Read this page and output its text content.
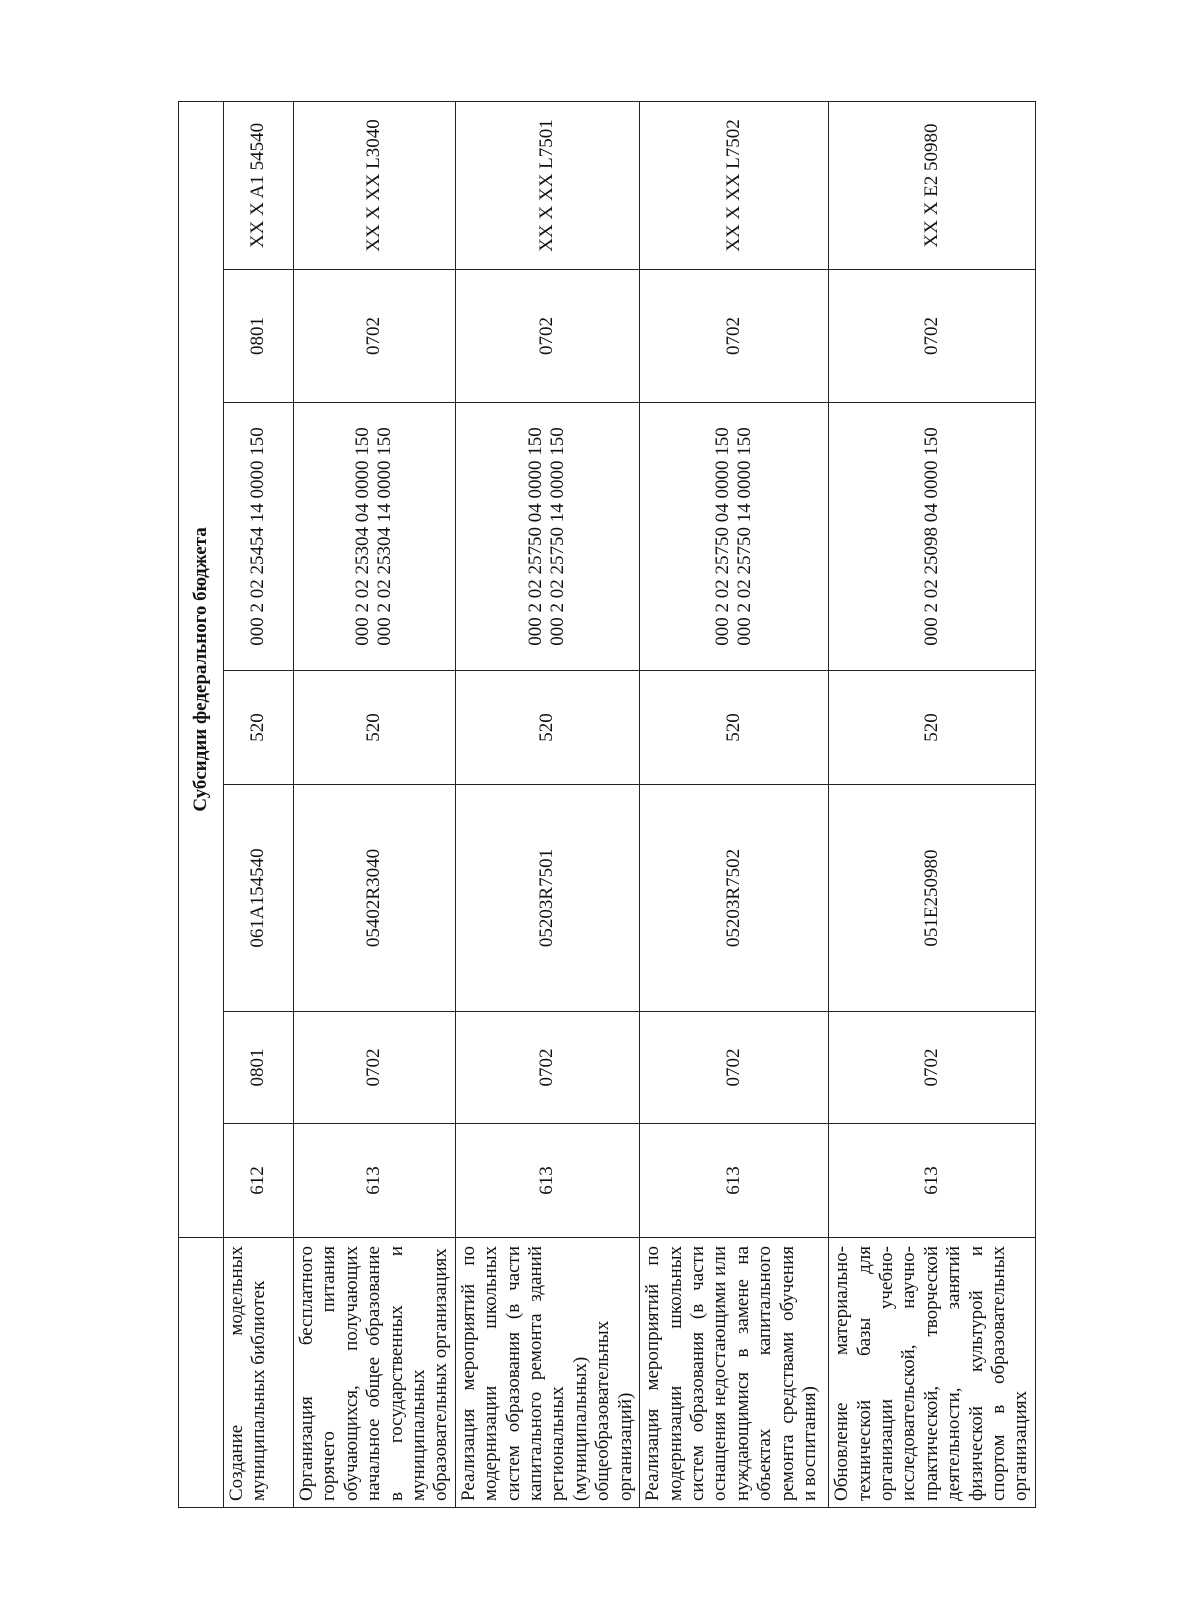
	Субсидии федерального бюджета						
Создание модельных муниципальных библиотек	612	0801	061A154540	520	000 2 02 25454 14 0000 150	0801	XX X A1 54540
Организация бесплатного горячего питания обучающихся, получающих начальное общее образование в государственных и муниципальных образовательных организациях	613	0702	05402R3040	520	000 2 02 25304 04 0000 150 000 2 02 25304 14 0000 150	0702	XX X XX L3040
Реализация мероприятий по модернизации школьных систем образования (в части капитального ремонта зданий региональных (муниципальных) общеобразовательных организаций)	613	0702	05203R7501	520	000 2 02 25750 04 0000 150 000 2 02 25750 14 0000 150	0702	XX X XX L7501
Реализация мероприятий по модернизации школьных систем образования (в части оснащения недостающими или нуждающимися в замене на объектах капитального ремонта средствами обучения и воспитания)	613	0702	05203R7502	520	000 2 02 25750 04 0000 150 000 2 02 25750 14 0000 150	0702	XX X XX L7502
Обновление материально-технической базы для организации учебно-исследовательской, научно-практической, творческой деятельности, занятий физической культурой и спортом в образовательных организациях	613	0702	051E250980	520	000 2 02 25098 04 0000 150	0702	XX X E2 50980
